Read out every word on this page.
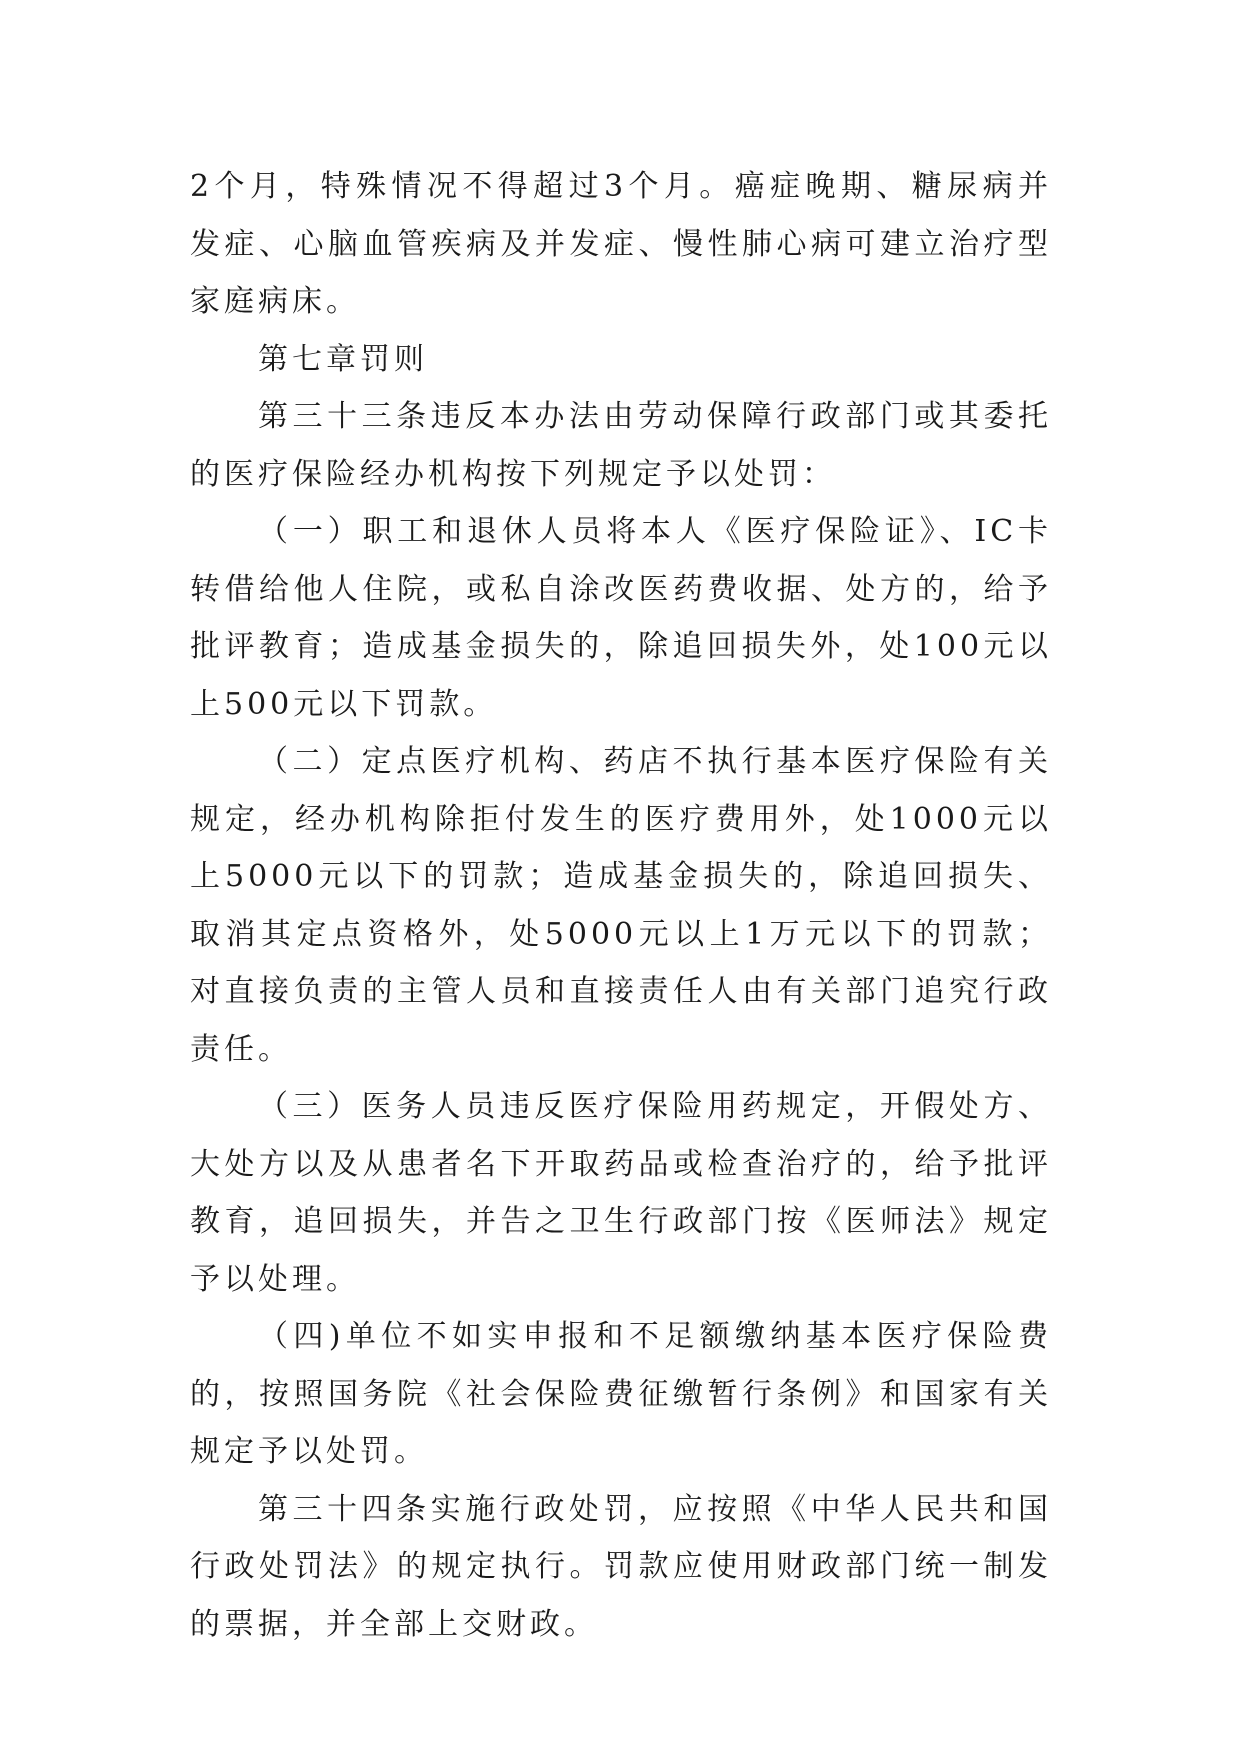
2个月，特殊情况不得超过3个月。癌症晚期、糖尿病并发症、心脑血管疾病及并发症、慢性肺心病可建立治疗型家庭病床。

第七章罚则

第三十三条违反本办法由劳动保障行政部门或其委托的医疗保险经办机构按下列规定予以处罚：

（一）职工和退休人员将本人《医疗保险证》、IC卡转借给他人住院，或私自涂改医药费收据、处方的，给予批评教育；造成基金损失的，除追回损失外，处100元以上500元以下罚款。

（二）定点医疗机构、药店不执行基本医疗保险有关规定，经办机构除拒付发生的医疗费用外，处1000元以上5000元以下的罚款；造成基金损失的，除追回损失、取消其定点资格外，处5000元以上1万元以下的罚款；对直接负责的主管人员和直接责任人由有关部门追究行政责任。

（三）医务人员违反医疗保险用药规定，开假处方、大处方以及从患者名下开取药品或检查治疗的，给予批评教育，追回损失，并告之卫生行政部门按《医师法》规定予以处理。

（四)单位不如实申报和不足额缴纳基本医疗保险费的，按照国务院《社会保险费征缴暂行条例》和国家有关规定予以处罚。

第三十四条实施行政处罚，应按照《中华人民共和国行政处罚法》的规定执行。罚款应使用财政部门统一制发的票据，并全部上交财政。
